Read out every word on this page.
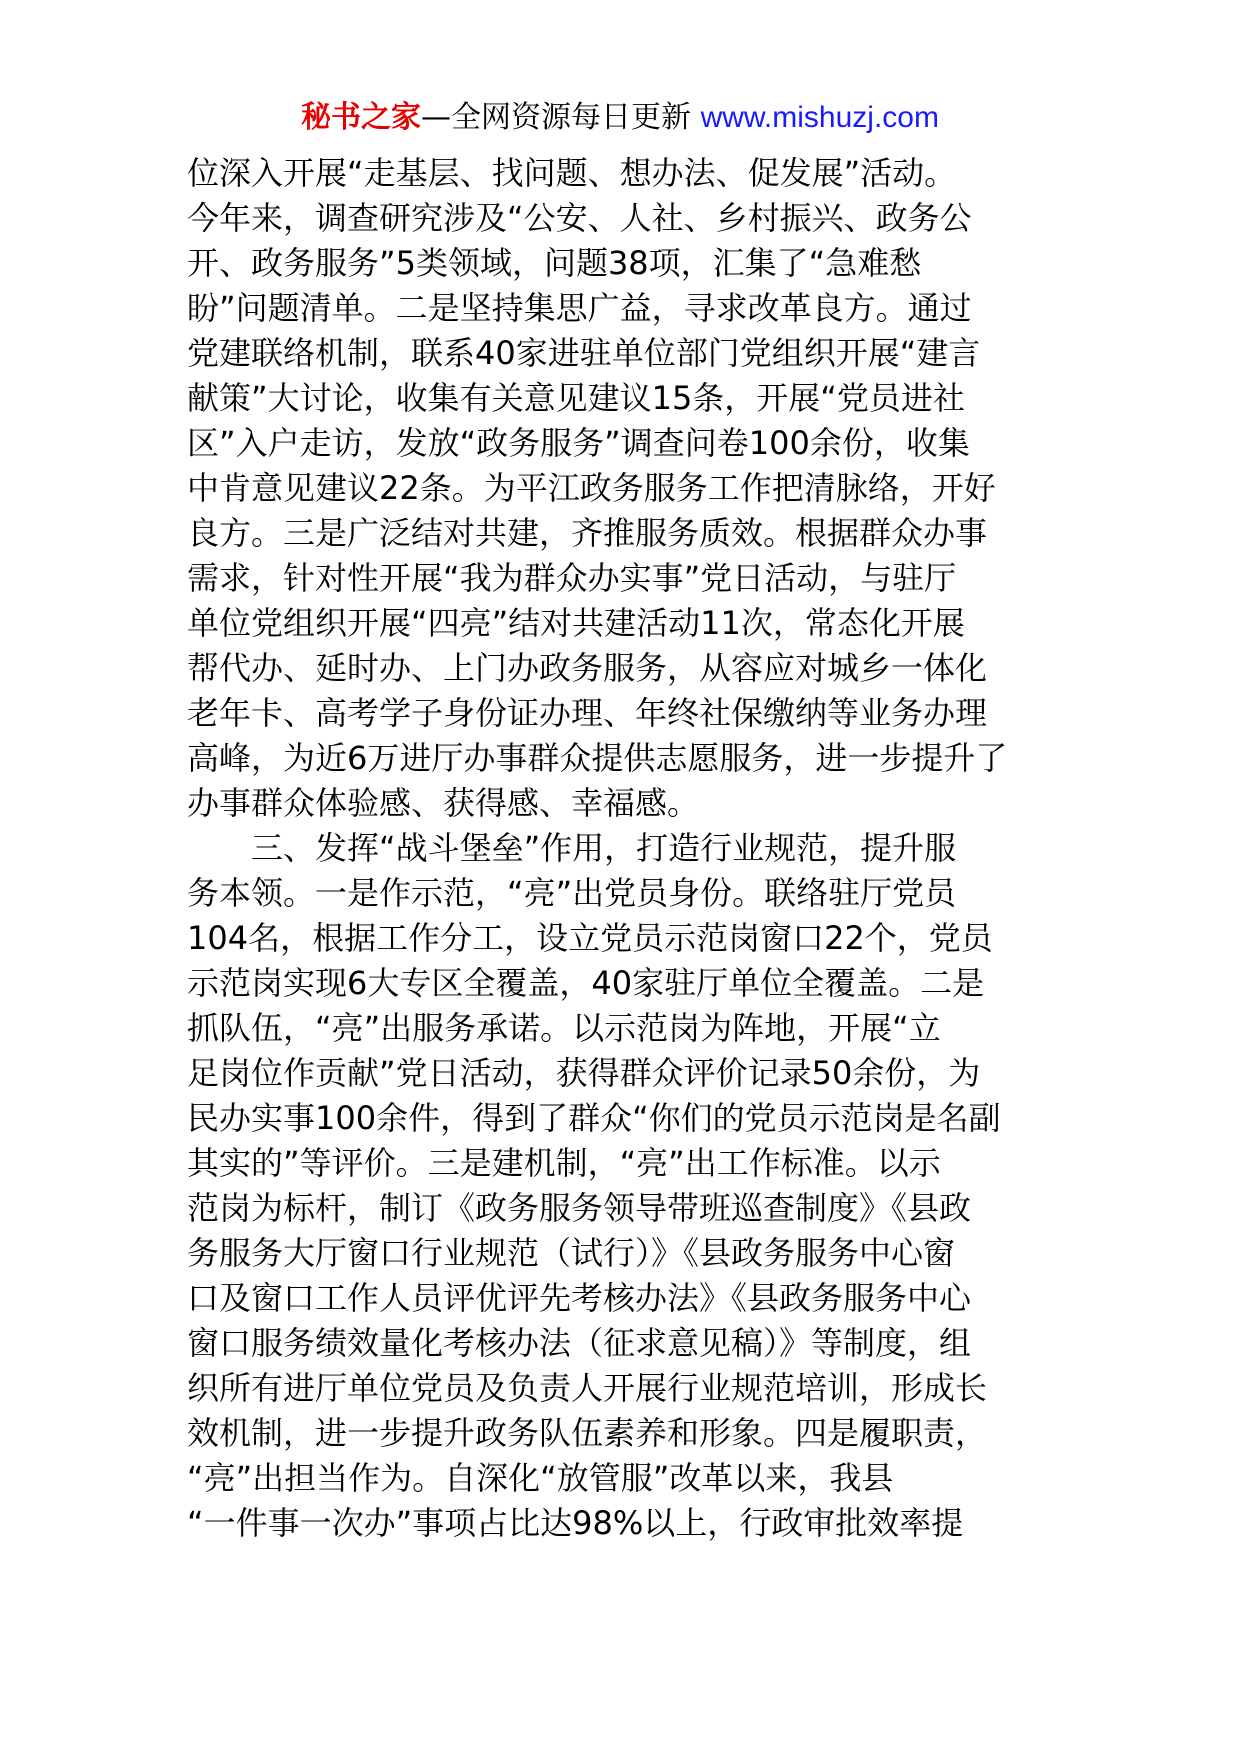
秘书之家—全网资源每日更新 www.mishuzj.com
位深入开展“走基层、找问题、想办法、促发展”活动。
今年来，调查研究涉及“公安、人社、乡村振兴、政务公
开、政务服务”5类领域，问题38项，汇集了“急难愁
盼”问题清单。二是坚持集思广益，寻求改革良方。通过
党建联络机制，联系40家进驻单位部门党组织开展“建言
献策”大讨论，收集有关意见建议15条，开展“党员进社
区”入户走访，发放“政务服务”调查问卷100余份，收集
中肯意见建议22条。为平江政务服务工作把清脉络，开好
良方。三是广泛结对共建，齐推服务质效。根据群众办事
需求，针对性开展“我为群众办实事”党日活动，与驻厅
单位党组织开展“四亮”结对共建活动11次，常态化开展
帮代办、延时办、上门办政务服务，从容应对城乡一体化
老年卡、高考学子身份证办理、年终社保缴纳等业务办理
高峰，为近6万进厅办事群众提供志愿服务，进一步提升了
办事群众体验感、获得感、幸福感。
　　三、发挥“战斗堡垒”作用，打造行业规范，提升服
务本领。一是作示范，“亮”出党员身份。联络驻厅党员
104名，根据工作分工，设立党员示范岗窗口22个，党员
示范岗实现6大专区全覆盖，40家驻厅单位全覆盖。二是
抓队伍，“亮”出服务承诺。以示范岗为阵地，开展“立
足岗位作贡献”党日活动，获得群众评价记录50余份，为
民办实事100余件，得到了群众“你们的党员示范岗是名副
其实的”等评价。三是建机制，“亮”出工作标准。以示
范岗为标杆，制订《政务服务领导带班巡查制度》《县政
务服务大厅窗口行业规范（试行）》《县政务服务中心窗
口及窗口工作人员评优评先考核办法》《县政务服务中心
窗口服务绩效量化考核办法（征求意见稿）》等制度，组
织所有进厅单位党员及负责人开展行业规范培训，形成长
效机制，进一步提升政务队伍素养和形象。四是履职责，
“亮”出担当作为。自深化“放管服”改革以来，我县
“一件事一次办”事项占比达98%以上，行政审批效率提
